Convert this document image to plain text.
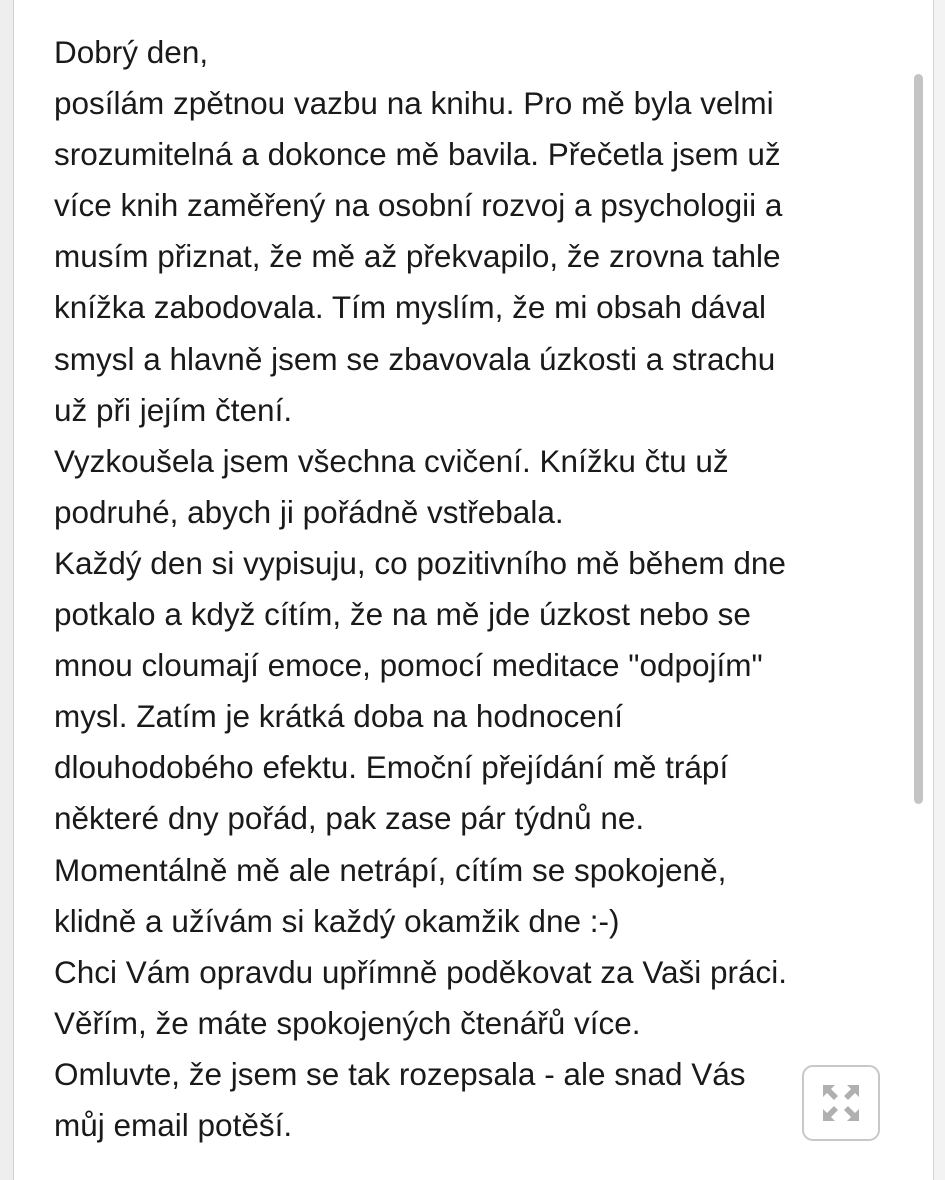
Dobrý den,
posílám zpětnou vazbu na knihu. Pro mě byla velmi
srozumitelná a dokonce mě bavila. Přečetla jsem už
více knih zaměřený na osobní rozvoj a psychologii a
musím přiznat, že mě až překvapilo, že zrovna tahle
knížka zabodovala. Tím myslím, že mi obsah dával
smysl a hlavně jsem se zbavovala úzkosti a strachu
už při jejím čtení.
Vyzkoušela jsem všechna cvičení. Knížku čtu už
podruhé, abych ji pořádně vstřebala.
Každý den si vypisuju, co pozitivního mě během dne
potkalo a když cítím, že na mě jde úzkost nebo se
mnou cloumají emoce, pomocí meditace "odpojím"
mysl. Zatím je krátká doba na hodnocení
dlouhodobého efektu. Emoční přejídání mě trápí
některé dny pořád, pak zase pár týdnů ne.
Momentálně mě ale netrápí, cítím se spokojeně,
klidně a užívám si každý okamžik dne :-)
Chci Vám opravdu upřímně poděkovat za Vaši práci.
Věřím, že máte spokojených čtenářů více.
Omluvte, že jsem se tak rozepsala - ale snad Vás
můj email potěší.
